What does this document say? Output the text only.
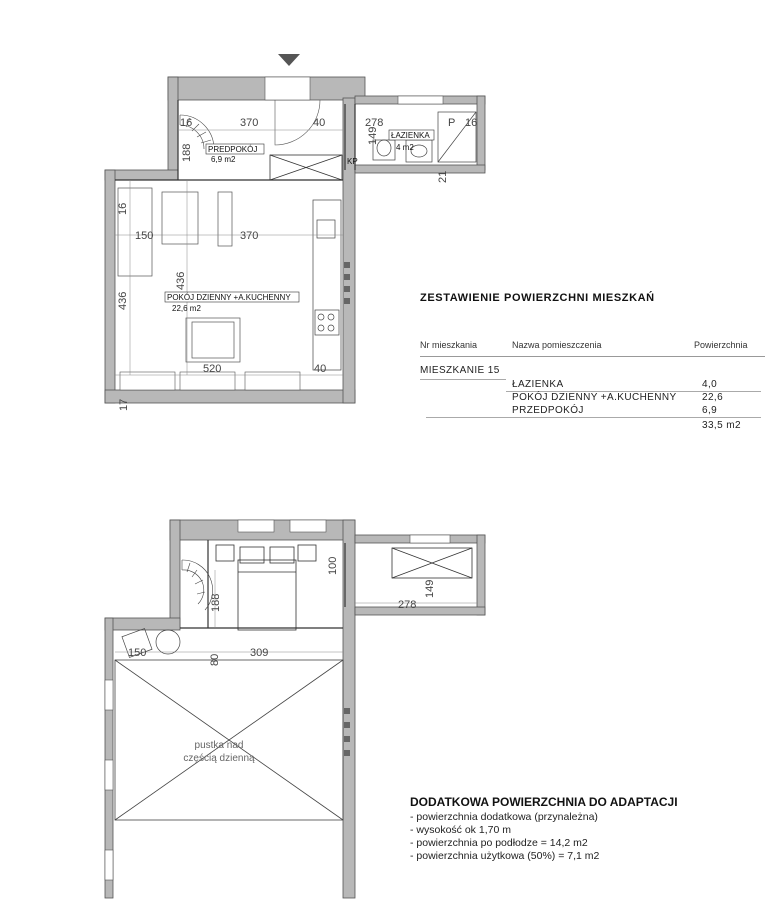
370	40	278
16	16
188
149
16
150	370
436
436
520	40
17
21
P
KP
ŁAZIENKA
4 m2
PREDPOKÓJ
6,9 m2
POKÓJ DZIENNY +A.KUCHENNY
22,6 m2
100
188	278
149
150	309
80
pustka nad
częścią dzienną
ZESTAWIENIE POWIERZCHNI MIESZKAŃ
Nr mieszkania	Nazwa pomieszczenia	Powierzchnia
MIESZKANIE 15
ŁAZIENKA	4,0
POKÓJ DZIENNY +A.KUCHENNY	22,6
PRZEDPOKÓJ	6,9
33,5 m2
DODATKOWA POWIERZCHNIA DO ADAPTACJI
- powierzchnia dodatkowa (przynależna)
- wysokość ok 1,70 m
- powierzchnia po podłodze = 14,2 m2
- powierzchnia użytkowa (50%) = 7,1 m2
